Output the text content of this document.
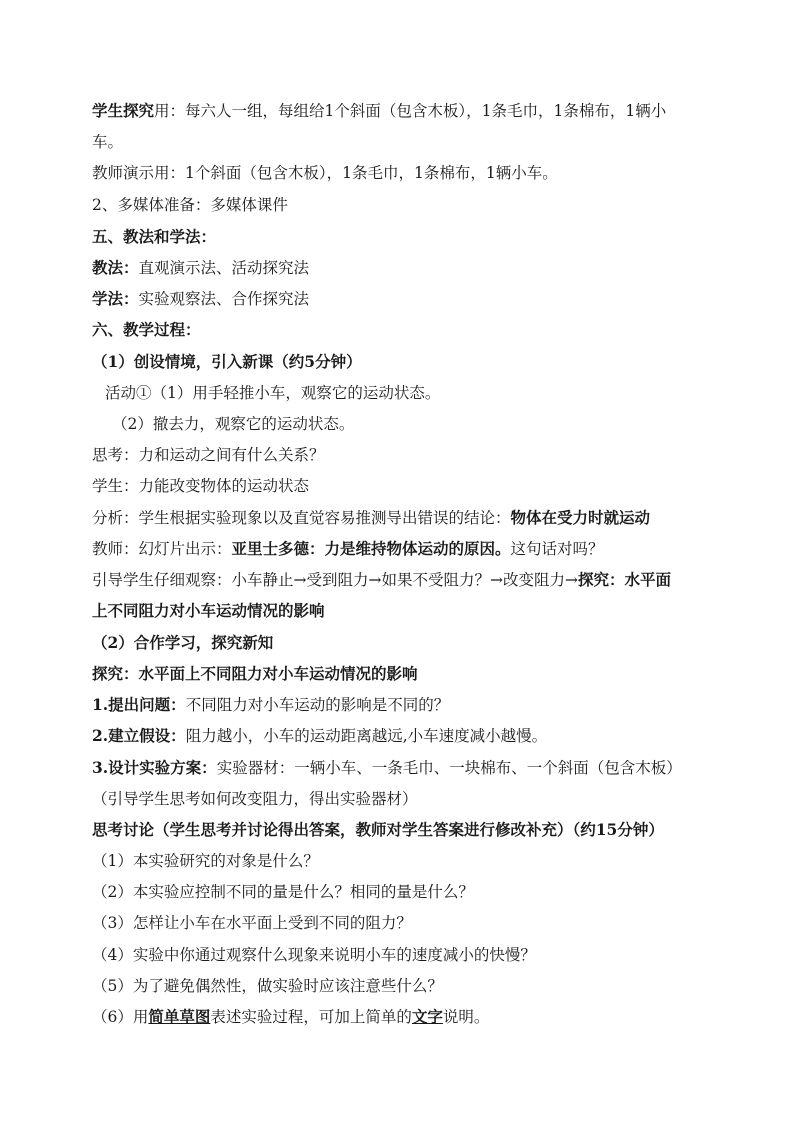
学生探究用：每六人一组，每组给1个斜面（包含木板），1条毛巾，1条棉布，1辆小
车。
教师演示用：1个斜面（包含木板），1条毛巾，1条棉布，1辆小车。
2、多媒体准备：多媒体课件
五、教法和学法：
教法：直观演示法、活动探究法
学法：实验观察法、合作探究法
六、教学过程：
（1）创设情境，引入新课（约5分钟）
活动①（1）用手轻推小车，观察它的运动状态。
（2）撤去力，观察它的运动状态。
思考：力和运动之间有什么关系？
学生：力能改变物体的运动状态
分析：学生根据实验现象以及直觉容易推测导出错误的结论：物体在受力时就运动
教师：幻灯片出示：亚里士多德：力是维持物体运动的原因。这句话对吗？
引导学生仔细观察：小车静止→受到阻力→如果不受阻力？→改变阻力→探究：水平面
上不同阻力对小车运动情况的影响
（2）合作学习，探究新知
探究：水平面上不同阻力对小车运动情况的影响
1.提出问题：不同阻力对小车运动的影响是不同的？
2.建立假设：阻力越小，小车的运动距离越远,小车速度减小越慢。
3.设计实验方案：实验器材：一辆小车、一条毛巾、一块棉布、一个斜面（包含木板）
（引导学生思考如何改变阻力，得出实验器材）
思考讨论（学生思考并讨论得出答案，教师对学生答案进行修改补充）（约15分钟）
（1）本实验研究的对象是什么？
（2）本实验应控制不同的量是什么？相同的量是什么？
（3）怎样让小车在水平面上受到不同的阻力？
（4）实验中你通过观察什么现象来说明小车的速度减小的快慢？
（5）为了避免偶然性，做实验时应该注意些什么？
（6）用简单草图表述实验过程，可加上简单的文字说明。
